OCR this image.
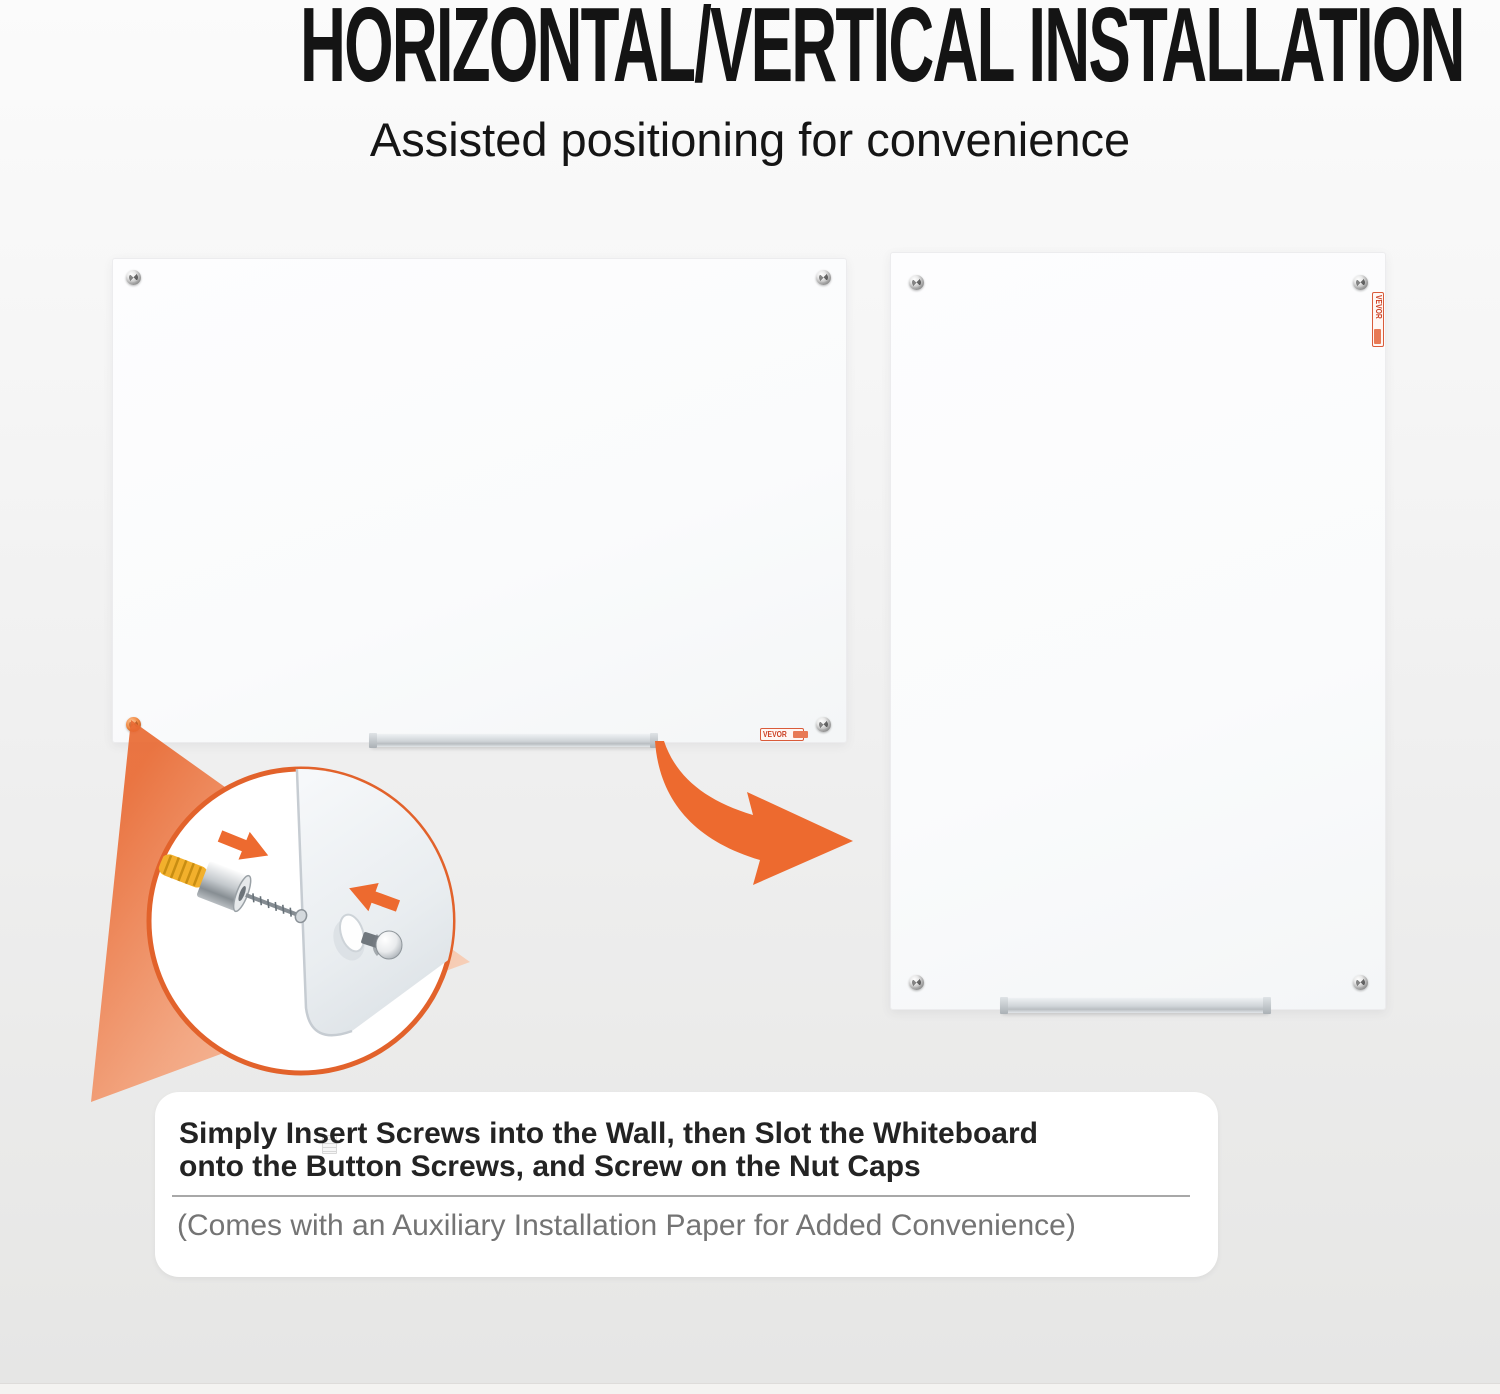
HORIZONTAL/VERTICAL INSTALLATION
Assisted positioning for convenience
VEVOR
VEVOR
Simply Insert Screws into the Wall, then Slot the Whiteboard
onto the Button Screws, and Screw on the Nut Caps
(Comes with an Auxiliary Installation Paper for Added Convenience)
